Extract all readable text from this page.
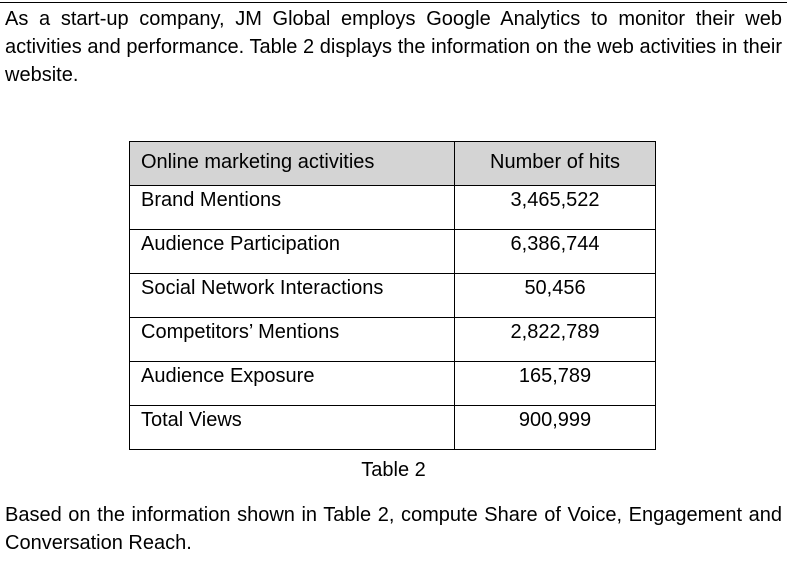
As a start-up company, JM Global employs Google Analytics to monitor their web activities and performance. Table 2 displays the information on the web activities in their website.

Online marketing activities	Number of hits

Brand Mentions	3,465,522

Audience Participation	6,386,744

Social Network Interactions	50,456

Competitors’ Mentions	2,822,789

Audience Exposure	165,789

Total Views	900,999

Table 2

Based on the information shown in Table 2, compute Share of Voice, Engagement and Conversation Reach.
